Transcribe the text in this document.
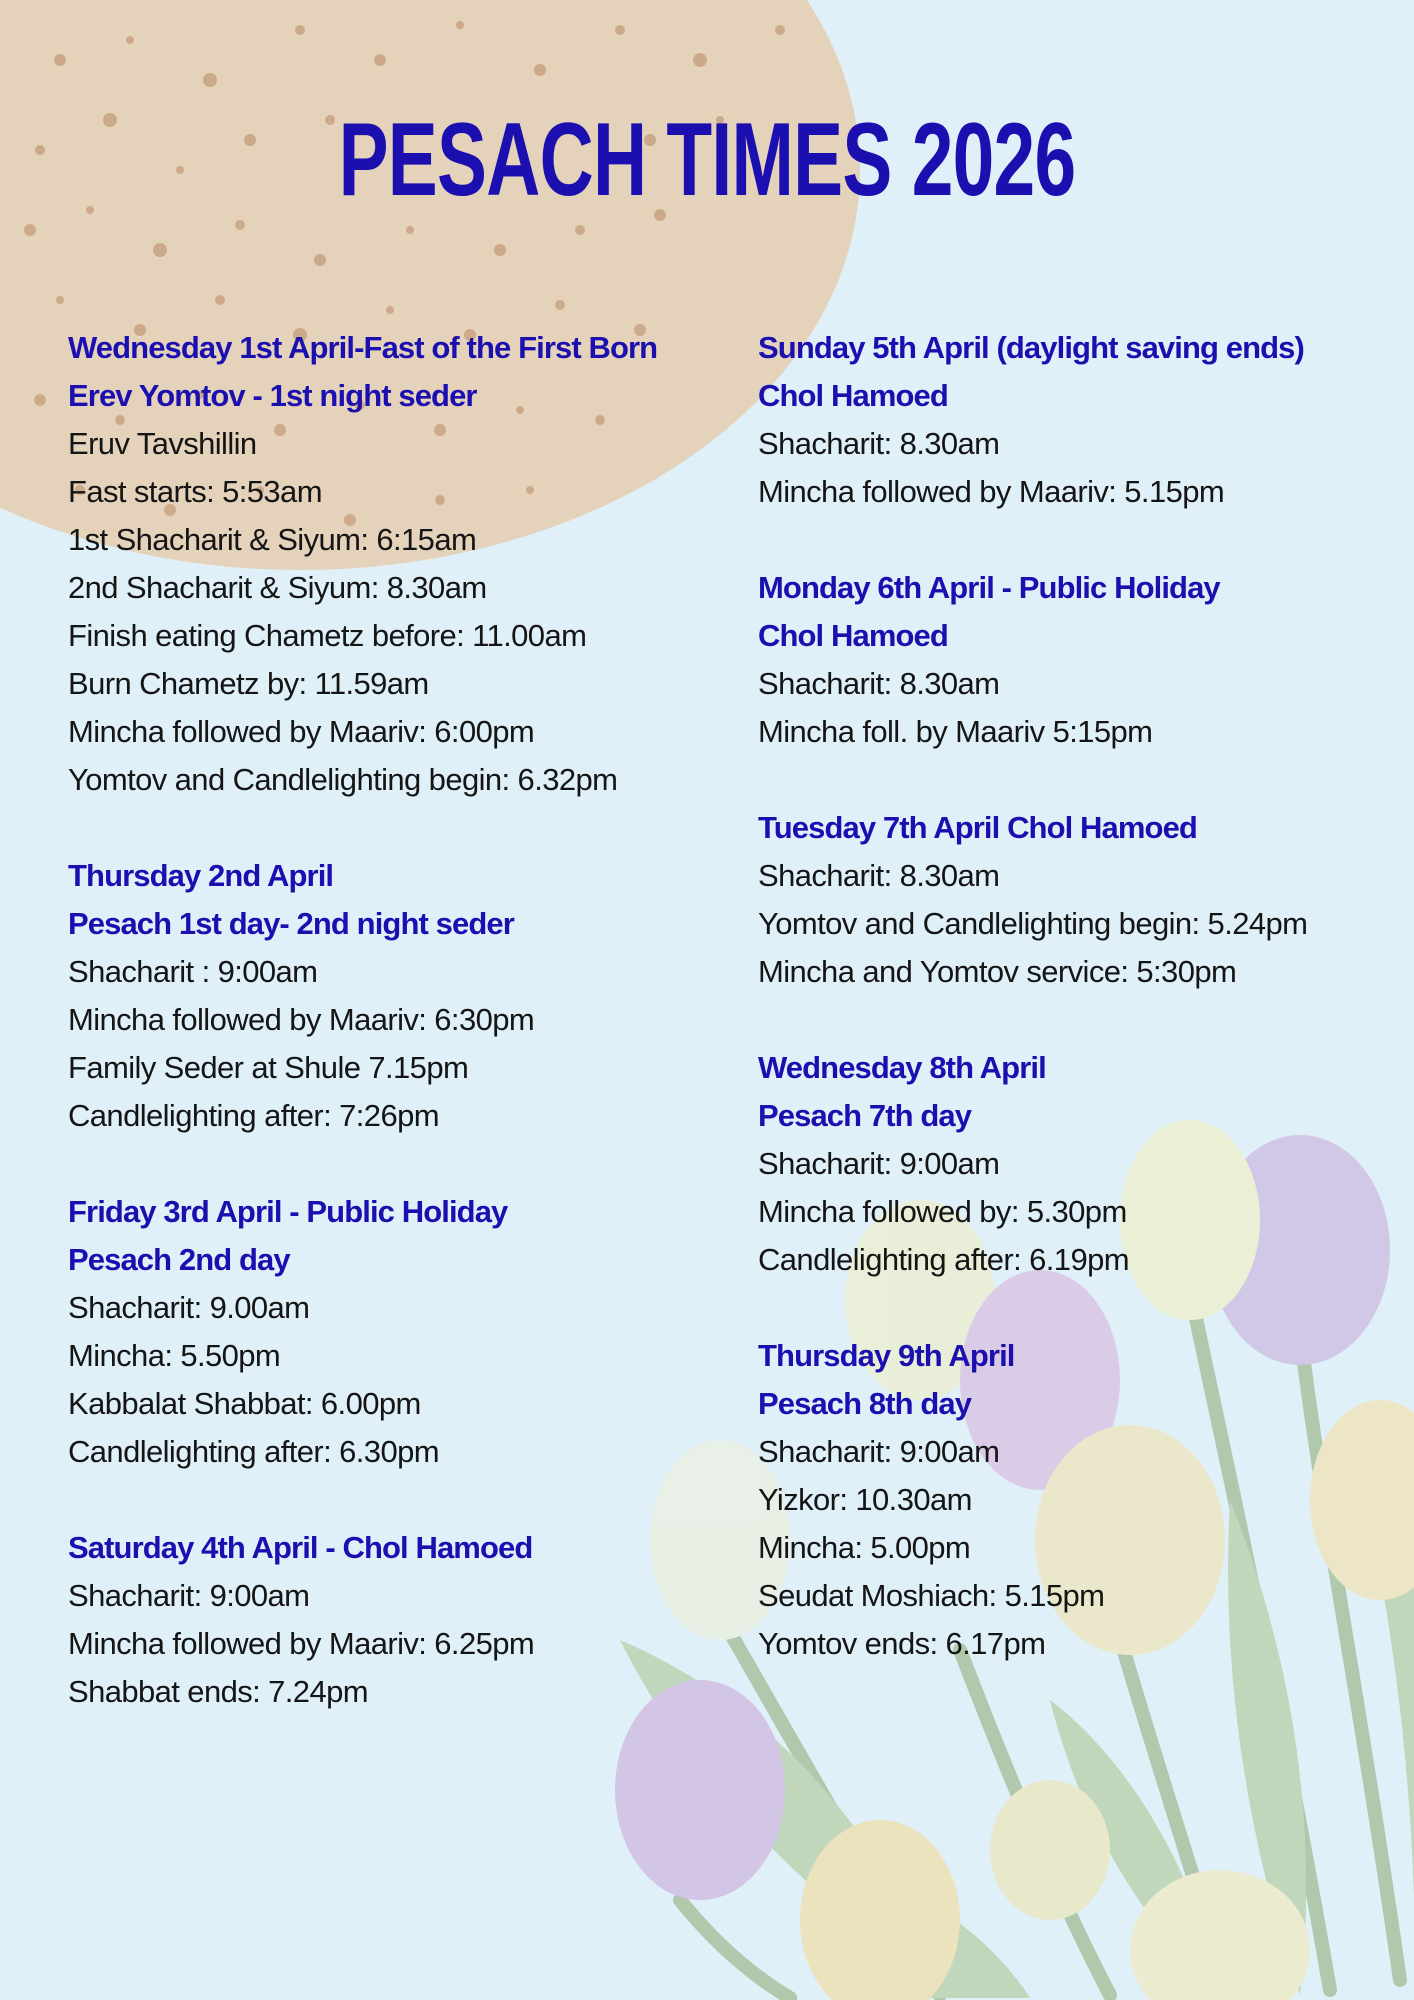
PESACH TIMES 2026
Wednesday 1st April-Fast of the First Born
Erev Yomtov - 1st night seder
Eruv Tavshillin
Fast starts: 5:53am
1st Shacharit & Siyum: 6:15am
2nd Shacharit & Siyum: 8.30am
Finish eating Chametz before: 11.00am
Burn Chametz by: 11.59am
Mincha followed by Maariv: 6:00pm
Yomtov and Candlelighting begin: 6.32pm
Thursday 2nd April
Pesach 1st day- 2nd night seder
Shacharit : 9:00am
Mincha followed by Maariv: 6:30pm
Family Seder at Shule 7.15pm
Candlelighting after: 7:26pm
Friday 3rd April - Public Holiday
Pesach 2nd day
Shacharit: 9.00am
Mincha: 5.50pm
Kabbalat Shabbat: 6.00pm
Candlelighting after: 6.30pm
Saturday 4th April - Chol Hamoed
Shacharit: 9:00am
Mincha followed by Maariv: 6.25pm
Shabbat ends: 7.24pm
Sunday 5th April (daylight saving ends)
Chol Hamoed
Shacharit: 8.30am
Mincha followed by Maariv: 5.15pm
Monday 6th April - Public Holiday
Chol Hamoed
Shacharit: 8.30am
Mincha foll. by Maariv 5:15pm
Tuesday 7th April Chol Hamoed
Shacharit: 8.30am
Yomtov and Candlelighting begin: 5.24pm
Mincha and Yomtov service: 5:30pm
Wednesday 8th April
Pesach 7th day
Shacharit: 9:00am
Mincha followed by: 5.30pm
Candlelighting after: 6.19pm
Thursday 9th April
Pesach 8th day
Shacharit: 9:00am
Yizkor: 10.30am
Mincha: 5.00pm
Seudat Moshiach: 5.15pm
Yomtov ends: 6.17pm
